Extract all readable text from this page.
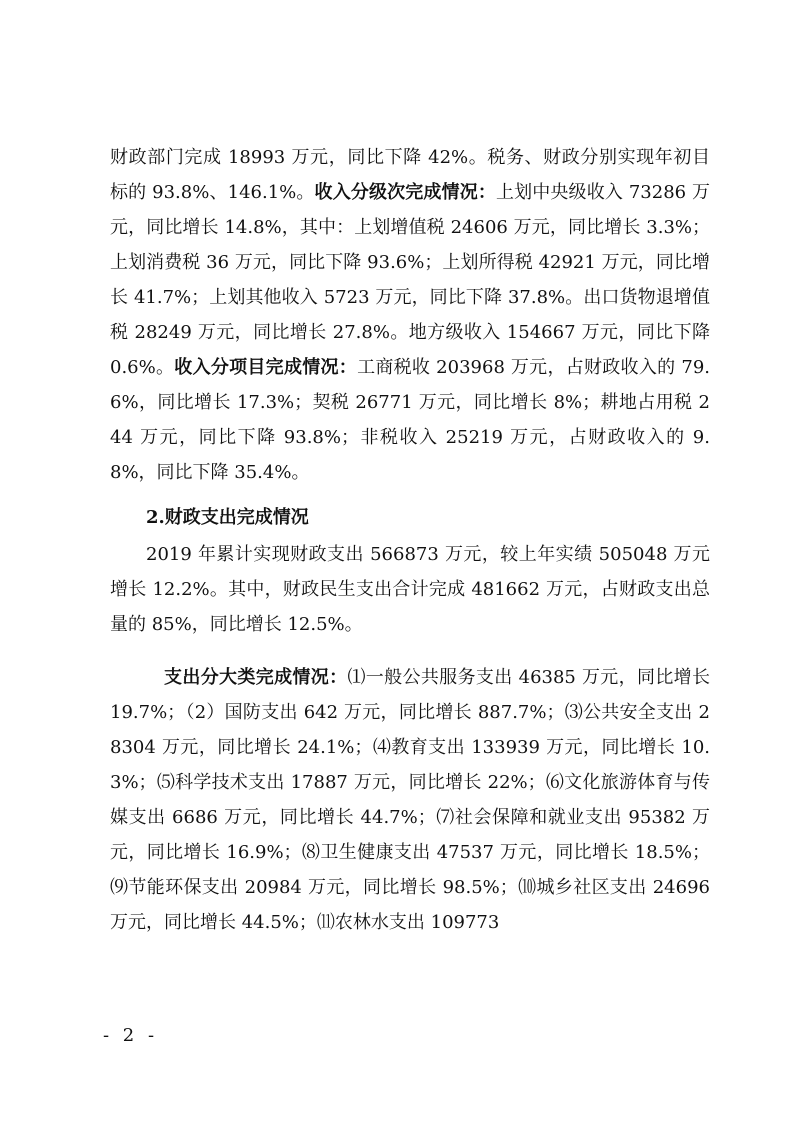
财政部门完成 18993 万元，同比下降 42%。税务、财政分别实现年初目标的 93.8%、146.1%。收入分级次完成情况：上划中央级收入 73286 万元，同比增长 14.8%，其中：上划增值税 24606 万元，同比增长 3.3%；上划消费税 36 万元，同比下降 93.6%；上划所得税 42921 万元，同比增长 41.7%；上划其他收入 5723 万元，同比下降 37.8%。出口货物退增值税 28249 万元，同比增长 27.8%。地方级收入 154667 万元，同比下降 0.6%。收入分项目完成情况：工商税收 203968 万元，占财政收入的 79.6%，同比增长 17.3%；契税 26771 万元，同比增长 8%；耕地占用税 244 万元，同比下降 93.8%；非税收入 25219 万元，占财政收入的 9.8%，同比下降 35.4%。

2.财政支出完成情况

2019 年累计实现财政支出 566873 万元，较上年实绩 505048 万元增长 12.2%。其中，财政民生支出合计完成 481662 万元，占财政支出总量的 85%，同比增长 12.5%。

支出分大类完成情况：⑴一般公共服务支出 46385 万元，同比增长 19.7%；（2）国防支出 642 万元，同比增长 887.7%；⑶公共安全支出 28304 万元，同比增长 24.1%；⑷教育支出 133939 万元，同比增长 10.3%；⑸科学技术支出 17887 万元，同比增长 22%；⑹文化旅游体育与传媒支出 6686 万元，同比增长 44.7%；⑺社会保障和就业支出 95382 万元，同比增长 16.9%；⑻卫生健康支出 47537 万元，同比增长 18.5%；⑼节能环保支出 20984 万元，同比增长 98.5%；⑽城乡社区支出 24696 万元，同比增长 44.5%；⑾农林水支出 109773

- 2 -
